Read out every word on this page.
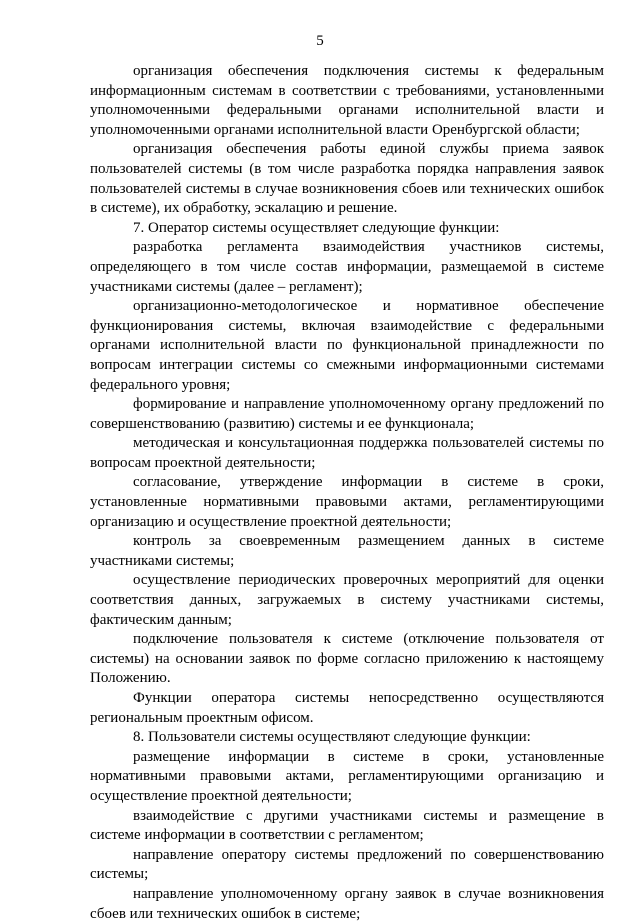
5

организация обеспечения подключения системы к федеральным информационным системам в соответствии с требованиями, установленными уполномоченными федеральными органами исполнительной власти и уполномоченными органами исполнительной власти Оренбургской области;

организация обеспечения работы единой службы приема заявок пользователей системы (в том числе разработка порядка направления заявок пользователей системы в случае возникновения сбоев или технических ошибок в системе), их обработку, эскалацию и решение.

7. Оператор системы осуществляет следующие функции:

разработка регламента взаимодействия участников системы, определяющего в том числе состав информации, размещаемой в системе участниками системы (далее – регламент);

организационно-методологическое и нормативное обеспечение функционирования системы, включая взаимодействие с федеральными органами исполнительной власти по функциональной принадлежности по вопросам интеграции системы со смежными информационными системами федерального уровня;

формирование и направление уполномоченному органу предложений по совершенствованию (развитию) системы и ее функционала;

методическая и консультационная поддержка пользователей системы по вопросам проектной деятельности;

согласование, утверждение информации в системе в сроки, установленные нормативными правовыми актами, регламентирующими организацию и осуществление проектной деятельности;

контроль за своевременным размещением данных в системе участниками системы;

осуществление периодических проверочных мероприятий для оценки соответствия данных, загружаемых в систему участниками системы, фактическим данным;

подключение пользователя к системе (отключение пользователя от системы) на основании заявок по форме согласно приложению к настоящему Положению.

Функции оператора системы непосредственно осуществляются региональным проектным офисом.

8. Пользователи системы осуществляют следующие функции:

размещение информации в системе в сроки, установленные нормативными правовыми актами, регламентирующими организацию и осуществление проектной деятельности;

взаимодействие с другими участниками системы и размещение в системе информации в соответствии с регламентом;

направление оператору системы предложений по совершенствованию системы;

направление уполномоченному органу заявок в случае возникновения сбоев или технических ошибок в системе;
